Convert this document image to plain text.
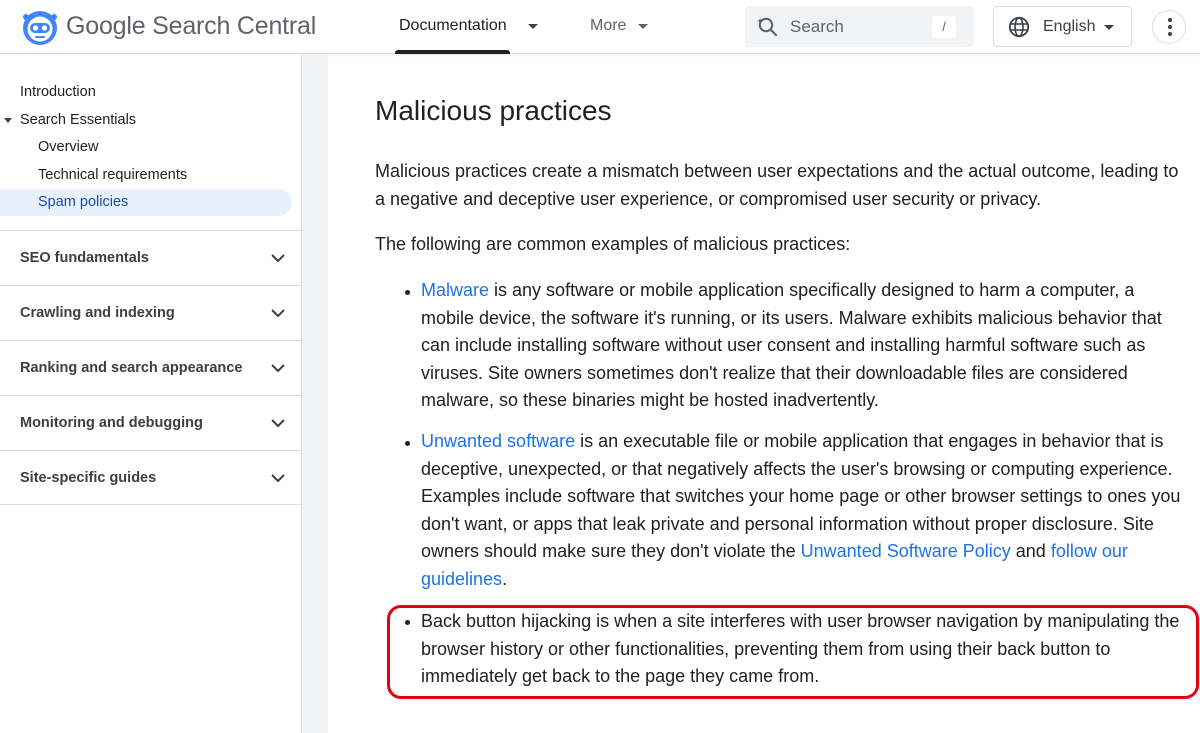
Google Search Central	Documentation	More	Search	/	English
Introduction
Search Essentials
Overview
Technical requirements
Spam policies
SEO fundamentals
Crawling and indexing
Ranking and search appearance
Monitoring and debugging
Site-specific guides
Malicious practices

Malicious practices create a mismatch between user expectations and the actual outcome, leading to a negative and deceptive user experience, or compromised user security or privacy.

The following are common examples of malicious practices:

Malware is any software or mobile application specifically designed to harm a computer, a mobile device, the software it's running, or its users. Malware exhibits malicious behavior that can include installing software without user consent and installing harmful software such as viruses. Site owners sometimes don't realize that their downloadable files are considered malware, so these binaries might be hosted inadvertently.
Unwanted software is an executable file or mobile application that engages in behavior that is deceptive, unexpected, or that negatively affects the user's browsing or computing experience. Examples include software that switches your home page or other browser settings to ones you don't want, or apps that leak private and personal information without proper disclosure. Site owners should make sure they don't violate the Unwanted Software Policy and follow our guidelines.
Back button hijacking is when a site interferes with user browser navigation by manipulating the browser history or other functionalities, preventing them from using their back button to immediately get back to the page they came from.
